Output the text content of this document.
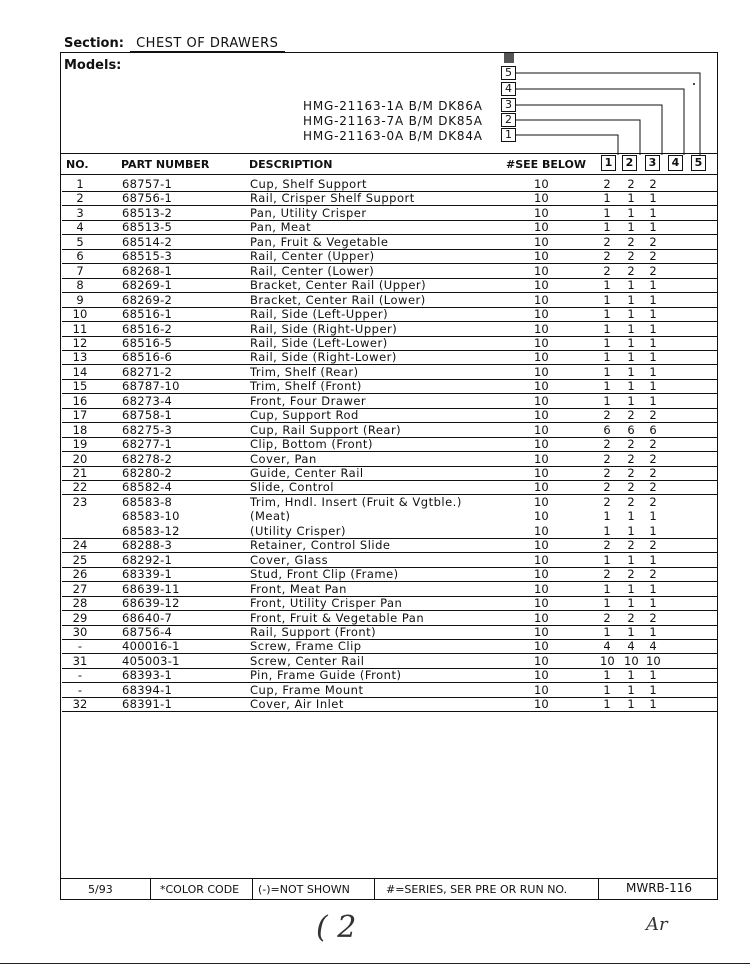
Section: CHEST OF DRAWERS
Models:	5
4
HMG-21163-1A B/M DK86A	3
HMG-21163-7A B/M DK85A	2
HMG-21163-0A B/M DK84A	1
NO.	PART NUMBER	DESCRIPTION	#SEE BELOW	1	2	3	4	5
1	68757-1	Cup, Shelf Support	10	2 2 2
2	68756-1	Rail, Crisper Shelf Support	10	1 1 1
3	68513-2	Pan, Utility Crisper	10	1 1 1
4	68513-5	Pan, Meat	10	1 1 1
5	68514-2	Pan, Fruit & Vegetable	10	2 2 2
6	68515-3	Rail, Center (Upper)	10	2 2 2
7	68268-1	Rail, Center (Lower)	10	2 2 2
8	68269-1	Bracket, Center Rail (Upper)	10	1 1 1
9	68269-2	Bracket, Center Rail (Lower)	10	1 1 1
10	68516-1	Rail, Side (Left-Upper)	10	1 1 1
11	68516-2	Rail, Side (Right-Upper)	10	1 1 1
12	68516-5	Rail, Side (Left-Lower)	10	1 1 1
13	68516-6	Rail, Side (Right-Lower)	10	1 1 1
14	68271-2	Trim, Shelf (Rear)	10	1 1 1
15	68787-10	Trim, Shelf (Front)	10	1 1 1
16	68273-4	Front, Four Drawer	10	1 1 1
17	68758-1	Cup, Support Rod	10	2 2 2
18	68275-3	Cup, Rail Support (Rear)	10	6 6 6
19	68277-1	Clip, Bottom (Front)	10	2 2 2
20	68278-2	Cover, Pan	10	2 2 2
21	68280-2	Guide, Center Rail	10	2 2 2
22	68582-4	Slide, Control	10	2 2 2
23	68583-8	Trim, Hndl. Insert (Fruit & Vgtble.)	10	2 2 2
68583-10	(Meat)	10	1 1 1
68583-12	(Utility Crisper)	10	1 1 1
24	68288-3	Retainer, Control Slide	10	2 2 2
25	68292-1	Cover, Glass	10	1 1 1
26	68339-1	Stud, Front Clip (Frame)	10	2 2 2
27	68639-11	Front, Meat Pan	10	1 1 1
28	68639-12	Front, Utility Crisper Pan	10	1 1 1
29	68640-7	Front, Fruit & Vegetable Pan	10	2 2 2
30	68756-4	Rail, Support (Front)	10	1 1 1
-	400016-1	Screw, Frame Clip	10	4 4 4
31	405003-1	Screw, Center Rail	10	10 10 10
-	68393-1	Pin, Frame Guide (Front)	10	1 1 1
-	68394-1	Cup, Frame Mount	10	1 1 1
32	68391-1	Cover, Air Inlet	10	1 1 1
5/93	*COLOR CODE (-)=NOT SHOWN	#=SERIES, SER PRE OR RUN NO.	MWRB-116
( 2	Ar
